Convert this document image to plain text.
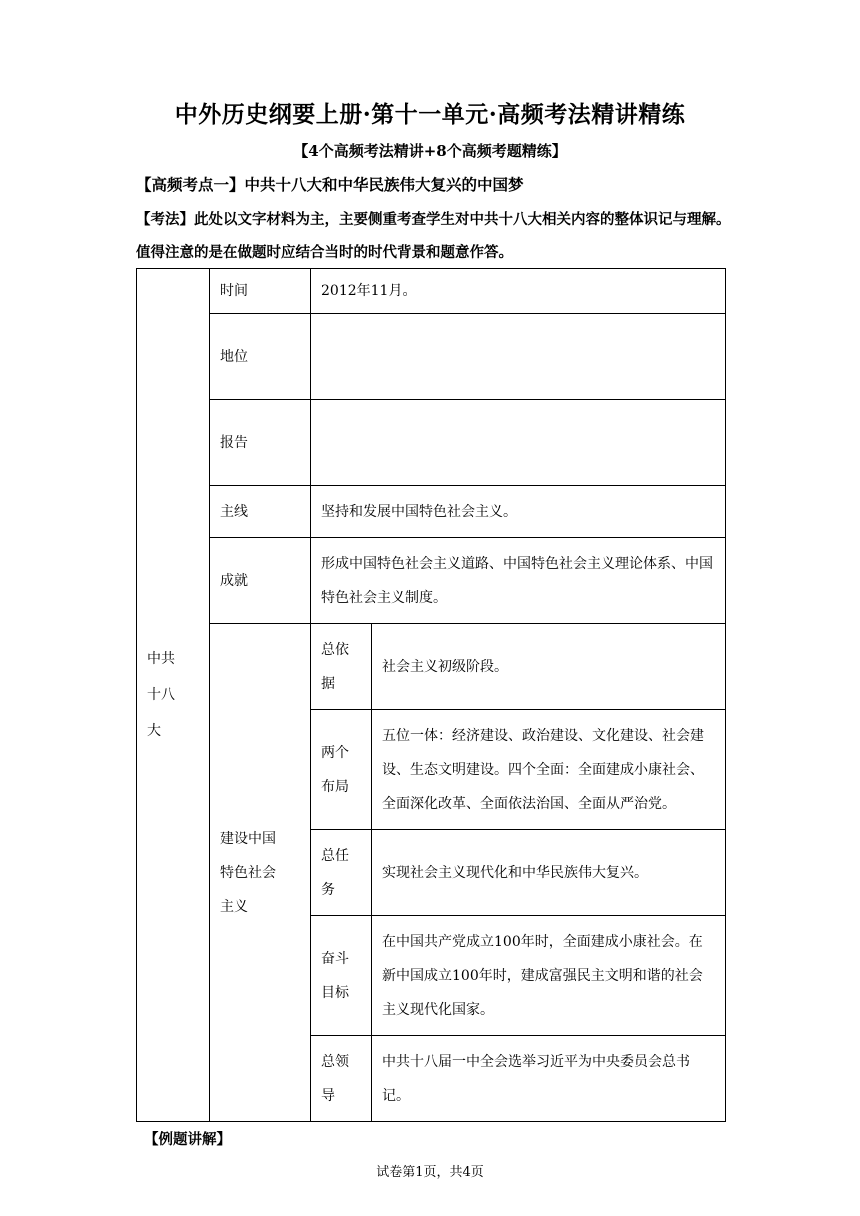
中外历史纲要上册·第十一单元·高频考法精讲精练
【4个高频考法精讲+8个高频考题精练】
【高频考点一】中共十八大和中华民族伟大复兴的中国梦
【考法】此处以文字材料为主，主要侧重考查学生对中共十八大相关内容的整体识记与理解。值得注意的是在做题时应结合当时的时代背景和题意作答。
中共十八大	时间	2012年11月。	
	地位		
	报告		
	主线	坚持和发展中国特色社会主义。	
	成就	形成中国特色社会主义道路、中国特色社会主义理论体系、中国特色社会主义制度。	

	建设中国特色社会主义	总依据	社会主义初级阶段。

		两个布局	五位一体：经济建设、政治建设、文化建设、社会建设、生态文明建设。四个全面：全面建成小康社会、全面深化改革、全面依法治国、全面从严治党。

		总任务	实现社会主义现代化和中华民族伟大复兴。

		奋斗目标	在中国共产党成立100年时，全面建成小康社会。在新中国成立100年时，建成富强民主文明和谐的社会主义现代化国家。

		总领导	中共十八届一中全会选举习近平为中央委员会总书记。
【例题讲解】
试卷第1页，共4页
